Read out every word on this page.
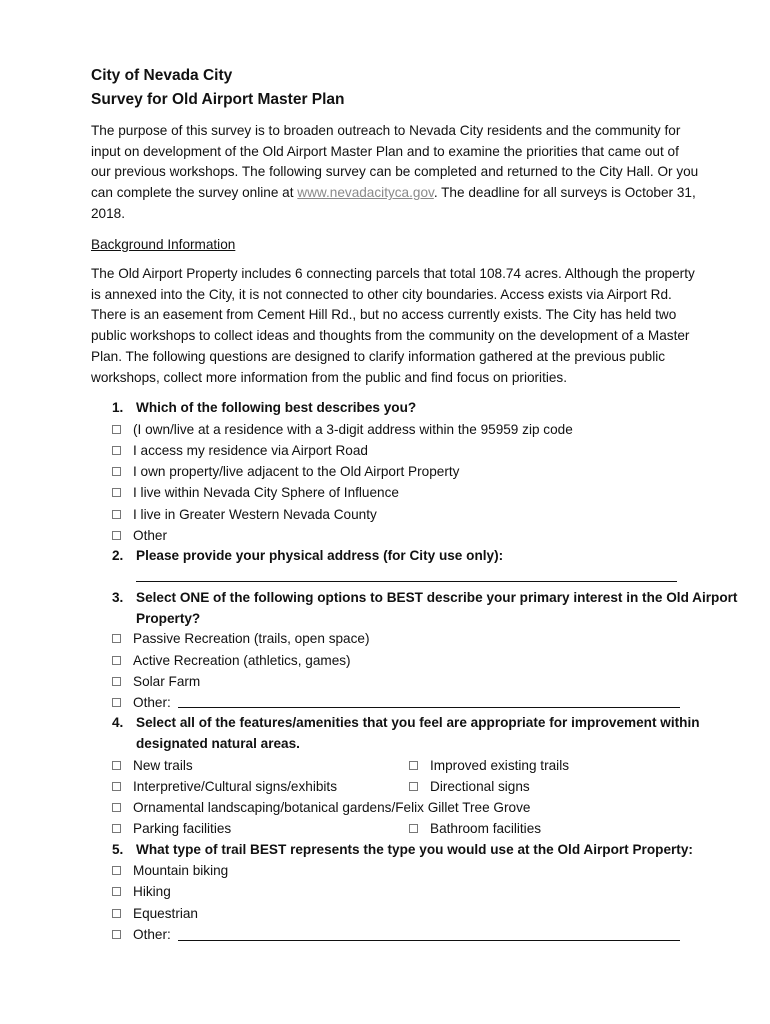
City of Nevada City
Survey for Old Airport Master Plan

The purpose of this survey is to broaden outreach to Nevada City residents and the community for

input on development of the Old Airport Master Plan and to examine the priorities that came out of

our previous workshops. The following survey can be completed and returned to the City Hall. Or you

can complete the survey online at www.nevadacityca.gov. The deadline for all surveys is October 31,

2018.

Background Information

The Old Airport Property includes 6 connecting parcels that total 108.74 acres. Although the property

is annexed into the City, it is not connected to other city boundaries. Access exists via Airport Rd.

There is an easement from Cement Hill Rd., but no access currently exists. The City has held two

public workshops to collect ideas and thoughts from the community on the development of a Master

Plan. The following questions are designed to clarify information gathered at the previous public

workshops, collect more information from the public and find focus on priorities.

1. Which of the following best describes you?
(I own/live at a residence with a 3-digit address within the 95959 zip code
I access my residence via Airport Road
I own property/live adjacent to the Old Airport Property
I live within Nevada City Sphere of Influence
I live in Greater Western Nevada County
Other
2. Please provide your physical address (for City use only):
3. Select ONE of the following options to BEST describe your primary interest in the Old Airport
Property?
Passive Recreation (trails, open space)
Active Recreation (athletics, games)
Solar Farm
Other:
4. Select all of the features/amenities that you feel are appropriate for improvement within
designated natural areas.
New trails	Improved existing trails
Interpretive/Cultural signs/exhibits	Directional signs
Ornamental landscaping/botanical gardens/Felix Gillet Tree Grove
Parking facilities	Bathroom facilities
5. What type of trail BEST represents the type you would use at the Old Airport Property:
Mountain biking
Hiking
Equestrian
Other:
